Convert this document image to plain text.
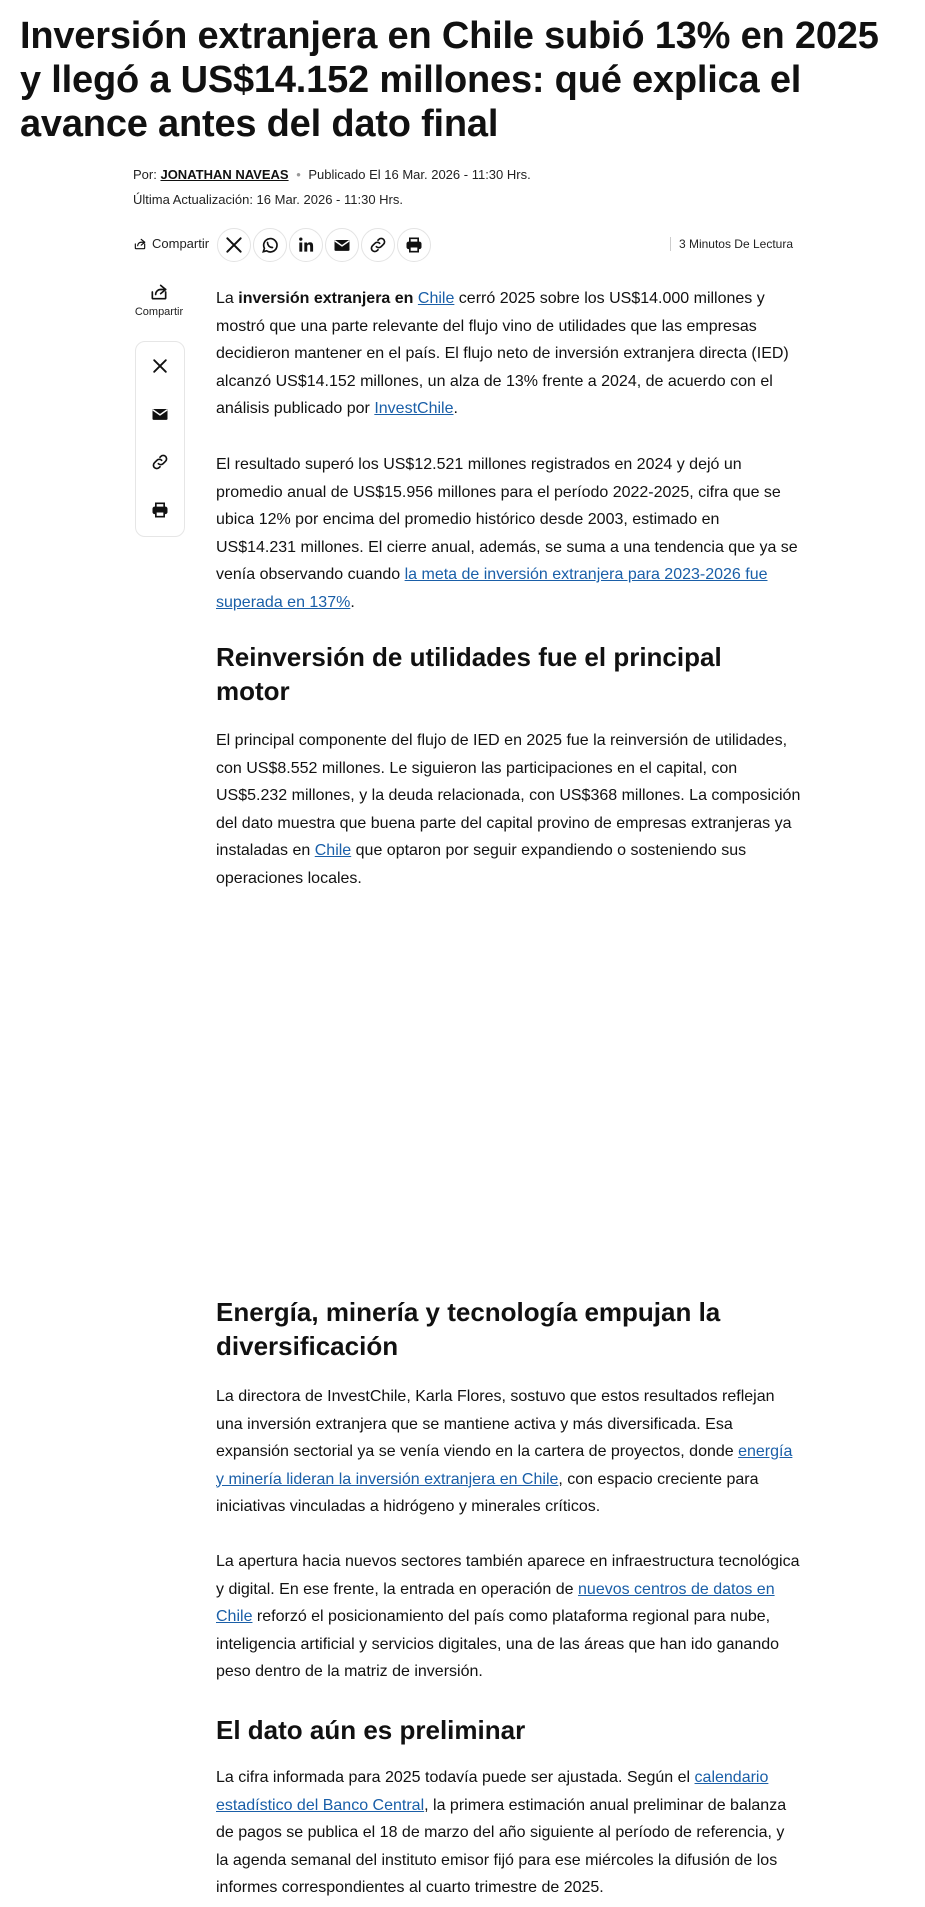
Inversión extranjera en Chile subió 13% en 2025 y llegó a US$14.152 millones: qué explica el avance antes del dato final
Por: JONATHAN NAVEAS • Publicado El 16 Mar. 2026 - 11:30 Hrs.
Última Actualización: 16 Mar. 2026 - 11:30 Hrs.
Compartir	3 Minutos De Lectura
Compartir

La inversión extranjera en Chile cerró 2025 sobre los US$14.000 millones y mostró que una parte relevante del flujo vino de utilidades que las empresas decidieron mantener en el país. El flujo neto de inversión extranjera directa (IED) alcanzó US$14.152 millones, un alza de 13% frente a 2024, de acuerdo con el análisis publicado por InvestChile.

El resultado superó los US$12.521 millones registrados en 2024 y dejó un promedio anual de US$15.956 millones para el período 2022-2025, cifra que se ubica 12% por encima del promedio histórico desde 2003, estimado en US$14.231 millones. El cierre anual, además, se suma a una tendencia que ya se venía observando cuando la meta de inversión extranjera para 2023-2026 fue superada en 137%.

Reinversión de utilidades fue el principal motor

El principal componente del flujo de IED en 2025 fue la reinversión de utilidades, con US$8.552 millones. Le siguieron las participaciones en el capital, con US$5.232 millones, y la deuda relacionada, con US$368 millones. La composición del dato muestra que buena parte del capital provino de empresas extranjeras ya instaladas en Chile que optaron por seguir expandiendo o sosteniendo sus operaciones locales.

Energía, minería y tecnología empujan la diversificación

La directora de InvestChile, Karla Flores, sostuvo que estos resultados reflejan una inversión extranjera que se mantiene activa y más diversificada. Esa expansión sectorial ya se venía viendo en la cartera de proyectos, donde energía y minería lideran la inversión extranjera en Chile, con espacio creciente para iniciativas vinculadas a hidrógeno y minerales críticos.

La apertura hacia nuevos sectores también aparece en infraestructura tecnológica y digital. En ese frente, la entrada en operación de nuevos centros de datos en Chile reforzó el posicionamiento del país como plataforma regional para nube, inteligencia artificial y servicios digitales, una de las áreas que han ido ganando peso dentro de la matriz de inversión.

El dato aún es preliminar

La cifra informada para 2025 todavía puede ser ajustada. Según el calendario estadístico del Banco Central, la primera estimación anual preliminar de balanza de pagos se publica el 18 de marzo del año siguiente al período de referencia, y la agenda semanal del instituto emisor fijó para ese miércoles la difusión de los informes correspondientes al cuarto trimestre de 2025.
